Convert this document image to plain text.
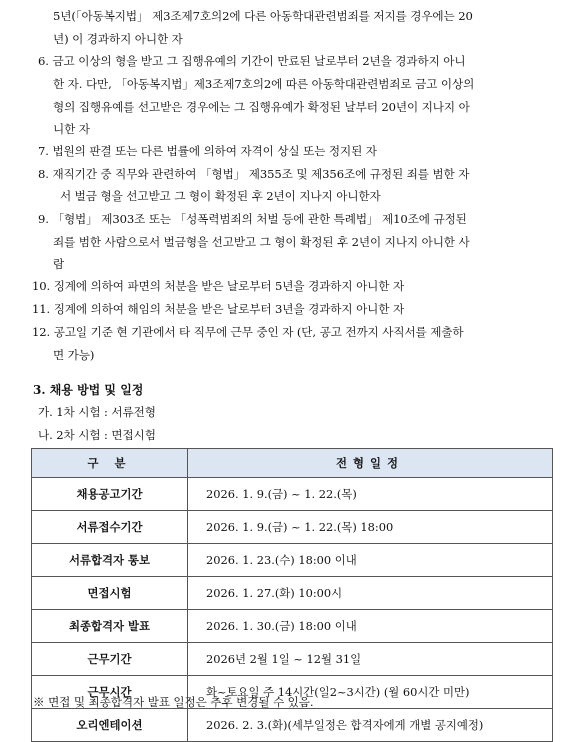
5년(「아동복지법」 제3조제7호의2에 다른 아동학대관련범죄를 저지를 경우에는 20
년) 이 경과하지 아니한 자
6. 금고 이상의 형을 받고 그 집행유예의 기간이 만료된 날로부터 2년을 경과하지 아니
한 자. 다만, 「아동복지법」제3조제7호의2에 따른 아동학대관련범죄로 금고 이상의
형의 집행유예를 선고받은 경우에는 그 집행유예가 확정된 날부터 20년이 지나지 아
니한 자
7. 법원의 판결 또는 다른 법률에 의하여 자격이 상실 또는 정지된 자
8. 재직기간 중 직무와 관련하여 「형법」 제355조 및 제356조에 규정된 죄를 범한 자
서 벌금 형을 선고받고 그 형이 확정된 후 2년이 지나지 아니한자
9. 「형법」 제303조 또는 「성폭력범죄의 처벌 등에 관한 특례법」 제10조에 규정된
죄를 범한 사람으로서 벌금형을 선고받고 그 형이 확정된 후 2년이 지나지 아니한 사
람
10. 징계에 의하여 파면의 처분을 받은 날로부터 5년을 경과하지 아니한 자
11. 징계에 의하여 해임의 처분을 받은 날로부터 3년을 경과하지 아니한 자
12. 공고일 기준 현 기관에서 타 직무에 근무 중인 자 (단, 공고 전까지 사직서를 제출하
면 가능)
3. 채용 방법 및 일정
가. 1차 시험 : 서류전형
나. 2차 시험 : 면접시험
구 분	전형일정
채용공고기간	2026. 1. 9.(금) ~ 1. 22.(목)
서류접수기간	2026. 1. 9.(금) ~ 1. 22.(목) 18:00
서류합격자 통보	2026. 1. 23.(수) 18:00 이내
면접시험	2026. 1. 27.(화) 10:00시
최종합격자 발표	2026. 1. 30.(금) 18:00 이내
근무기간	2026년 2월 1일 ~ 12월 31일
근무시간	화~토요일 주 14시간(일2~3시간) (월 60시간 미만)
오리엔테이션	2026. 2. 3.(화)(세부일정은 합격자에게 개별 공지예정)
※ 면접 및 최종합격자 발표 일정은 추후 변경될 수 있음.
